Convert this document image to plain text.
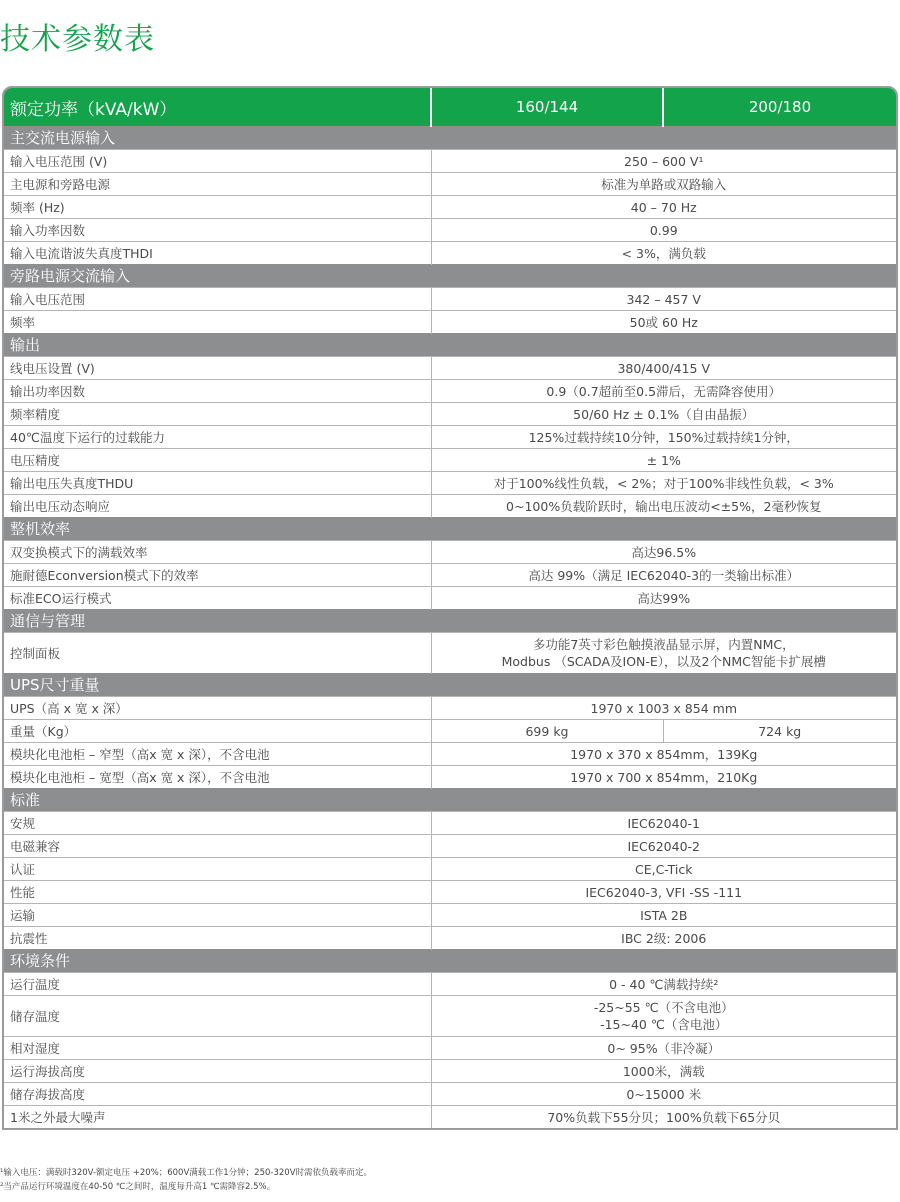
技术参数表
额定功率（kVA/kW）	160/144	200/180
主交流电源输入		
输入电压范围 (V)	250 – 600 V¹	
主电源和旁路电源	标准为单路或双路输入	
频率 (Hz)	40 – 70 Hz	
输入功率因数	0.99	
输入电流谐波失真度THDI	< 3%，满负载	
旁路电源交流输入		
输入电压范围	342 – 457 V	
频率	50或 60 Hz	
输出		
线电压设置 (V)	380/400/415 V	
输出功率因数	0.9（0.7超前至0.5滞后，无需降容使用）	
频率精度	50/60 Hz ± 0.1%（自由晶振）	
40℃温度下运行的过载能力	125%过载持续10分钟，150%过载持续1分钟，	
电压精度	± 1%	
输出电压失真度THDU	对于100%线性负载，< 2%；对于100%非线性负载，< 3%	
输出电压动态响应	0~100%负载阶跃时，输出电压波动<±5%，2毫秒恢复	
整机效率		
双变换模式下的满载效率	高达96.5%	
施耐德Econversion模式下的效率	高达 99%（满足 IEC62040-3的一类输出标准）	
标准ECO运行模式	高达99%	
通信与管理		
控制面板	多功能7英寸彩色触摸液晶显示屏，内置NMC，
Modbus （SCADA及ION-E），以及2个NMC智能卡扩展槽	

UPS尺寸重量		
UPS（高 x 宽 x 深）	1970 x 1003 x 854 mm	
重量（Kg）	699 kg	724 kg
模块化电池柜 – 窄型（高x 宽 x 深），不含电池	1970 x 370 x 854mm，139Kg	
模块化电池柜 – 宽型（高x 宽 x 深），不含电池	1970 x 700 x 854mm，210Kg	
标准		
安规	IEC62040-1	
电磁兼容	IEC62040-2	
认证	CE,C-Tick	
性能	IEC62040-3, VFI -SS -111	
运输	ISTA 2B	
抗震性	IBC 2级: 2006	
环境条件		
运行温度	0 - 40 ℃满载持续²	
储存温度	-25~55 ℃（不含电池）
-15~40 ℃（含电池）	

相对湿度	0~ 95%（非冷凝）	
运行海拔高度	1000米，满载	
储存海拔高度	0~15000 米	
1米之外最大噪声	70%负载下55分贝；100%负载下65分贝	
¹输入电压：满载时320V-额定电压 +20%；600V满载工作1分钟；250-320V时需依负载率而定。
²当产品运行环境温度在40-50 ℃之间时，温度每升高1 ℃需降容2.5%。
